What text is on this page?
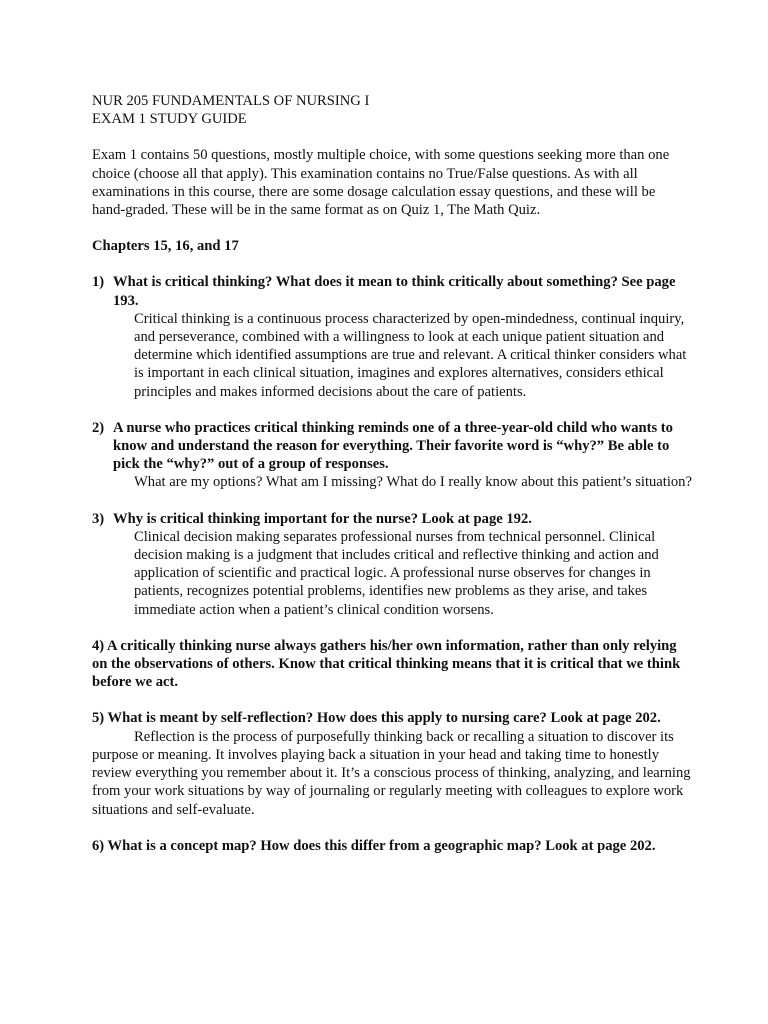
NUR 205 FUNDAMENTALS OF NURSING I
EXAM 1 STUDY GUIDE
Exam 1 contains 50 questions, mostly multiple choice, with some questions seeking more than one choice (choose all that apply). This examination contains no True/False questions. As with all examinations in this course, there are some dosage calculation essay questions, and these will be hand-graded. These will be in the same format as on Quiz 1, The Math Quiz.
Chapters 15, 16, and 17
1) What is critical thinking? What does it mean to think critically about something? See page 193.
Critical thinking is a continuous process characterized by open-mindedness, continual inquiry, and perseverance, combined with a willingness to look at each unique patient situation and determine which identified assumptions are true and relevant. A critical thinker considers what is important in each clinical situation, imagines and explores alternatives, considers ethical principles and makes informed decisions about the care of patients.
2) A nurse who practices critical thinking reminds one of a three-year-old child who wants to know and understand the reason for everything. Their favorite word is “why?” Be able to pick the “why?” out of a group of responses.
What are my options? What am I missing? What do I really know about this patient’s situation?
3) Why is critical thinking important for the nurse? Look at page 192.
Clinical decision making separates professional nurses from technical personnel. Clinical decision making is a judgment that includes critical and reflective thinking and action and application of scientific and practical logic. A professional nurse observes for changes in patients, recognizes potential problems, identifies new problems as they arise, and takes immediate action when a patient’s clinical condition worsens.
4) A critically thinking nurse always gathers his/her own information, rather than only relying on the observations of others. Know that critical thinking means that it is critical that we think before we act.
5) What is meant by self-reflection? How does this apply to nursing care? Look at page 202.
Reflection is the process of purposefully thinking back or recalling a situation to discover its purpose or meaning. It involves playing back a situation in your head and taking time to honestly review everything you remember about it. It’s a conscious process of thinking, analyzing, and learning from your work situations by way of journaling or regularly meeting with colleagues to explore work situations and self-evaluate.
6) What is a concept map? How does this differ from a geographic map? Look at page 202.
